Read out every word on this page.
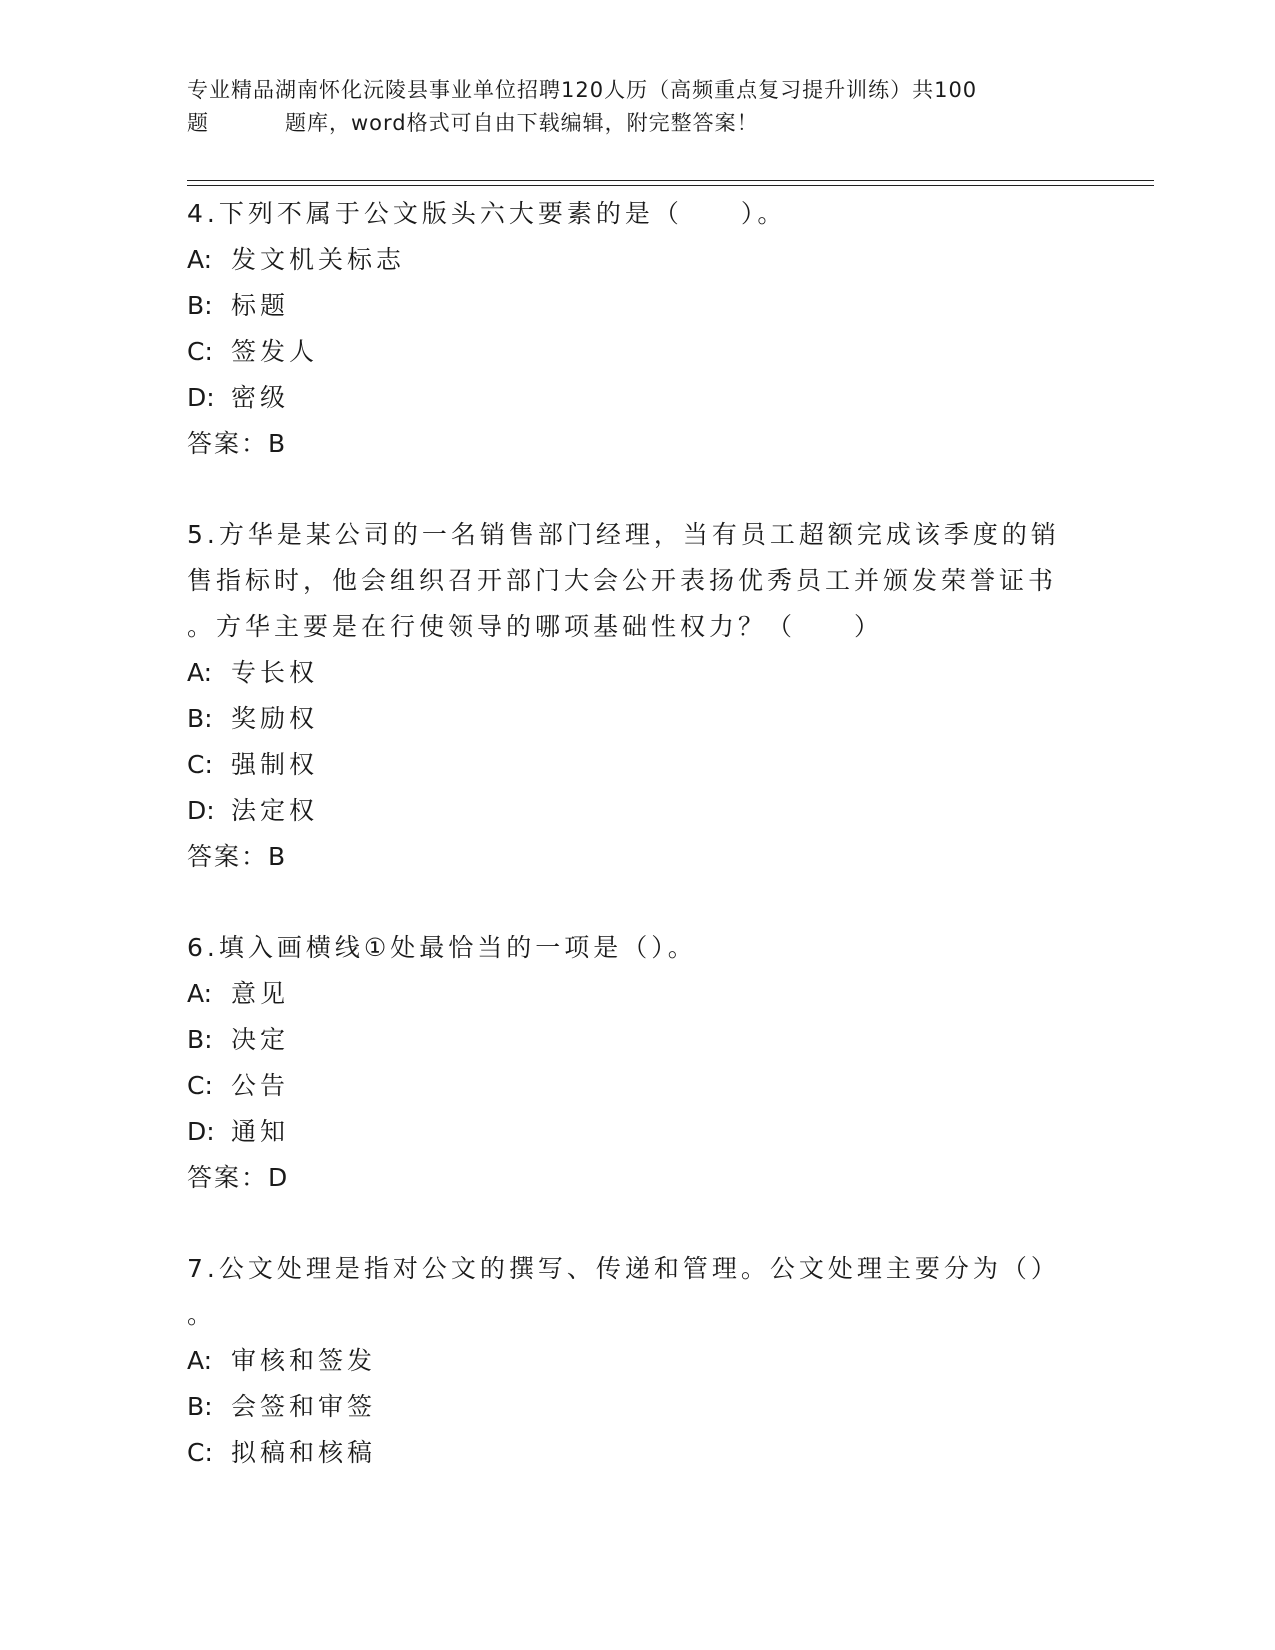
专业精品湖南怀化沅陵县事业单位招聘120人历（高频重点复习提升训练）共100
题	题库，word格式可自由下载编辑，附完整答案！

4.下列不属于公文版头六大要素的是（　　）。

A: 发文机关标志

B: 标题

C: 签发人

D: 密级

答案：B

5.方华是某公司的一名销售部门经理，当有员工超额完成该季度的销

售指标时，他会组织召开部门大会公开表扬优秀员工并颁发荣誉证书

。方华主要是在行使领导的哪项基础性权力？（　　）

A: 专长权

B: 奖励权

C: 强制权

D: 法定权

答案：B

6.填入画横线①处最恰当的一项是（）。

A: 意见

B: 决定

C: 公告

D: 通知

答案：D

7.公文处理是指对公文的撰写、传递和管理。公文处理主要分为（）

。

A: 审核和签发

B: 会签和审签

C: 拟稿和核稿
